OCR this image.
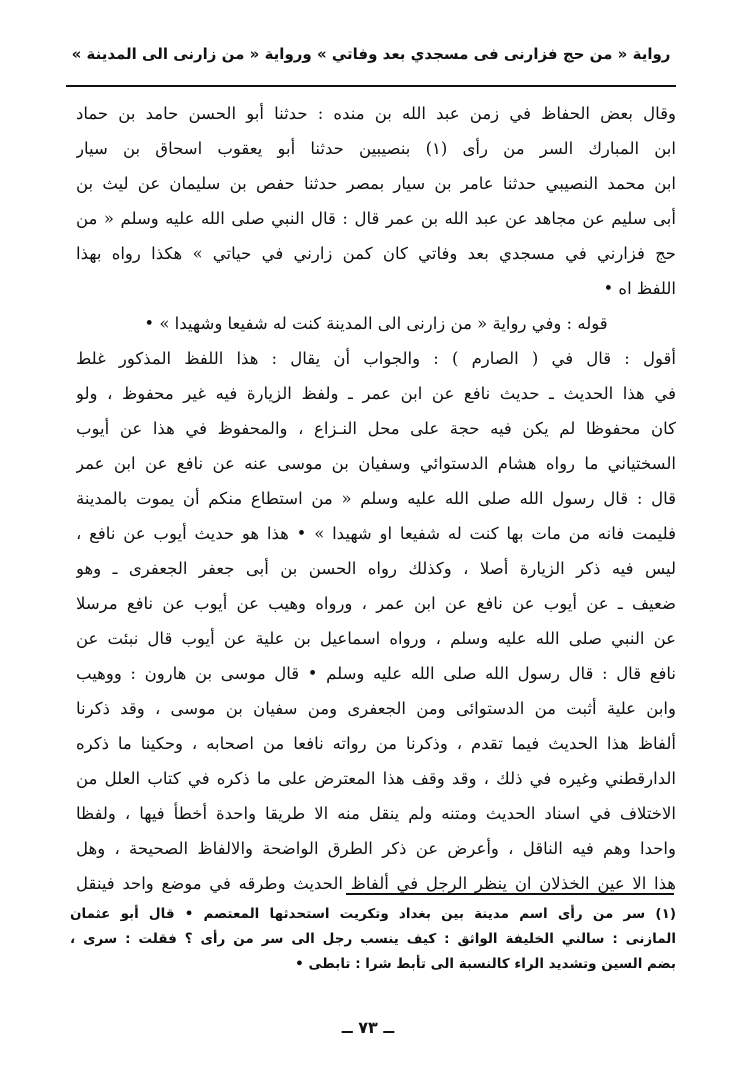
رواية « من حج فزارنى فى مسجدي بعد وفاتي » ورواية « من زارنى الى المدينة »
وقال بعض الحفاظ في زمن عبد الله بن منده : حدثنا أبو الحسن حامد بن حماد
ابن المبارك السر من رأى (١) بنصيبين حدثنا أبو يعقوب اسحاق بن سيار
ابن محمد النصيبي حدثنا عامر بن سيار بمصر حدثنا حفص بن سليمان عن ليث بن
أبى سليم عن مجاهد عن عبد الله بن عمر قال : قال النبي صلى الله عليه وسلم « من
حج فزارني في مسجدي بعد وفاتي كان كمن زارني في حياتي » هكذا رواه بهذا
اللفظ اه •
قوله : وفي رواية « من زارنى الى المدينة كنت له شفيعا وشهيدا » •
أقول : قال في ( الصارم ) : والجواب أن يقال : هذا اللفظ المذكور غلط
في هذا الحديث ـ حديث نافع عن ابن عمر ـ ولفظ الزيارة فيه غير محفوظ ، ولو
كان محفوظا لم يكن فيه حجة على محل النـزاع ، والمحفوظ في هذا عن أيوب
السختياني ما رواه هشام الدستوائي وسفيان بن موسى عنه عن نافع عن ابن عمر
قال : قال رسول الله صلى الله عليه وسلم « من استطاع منكم أن يموت بالمدينة
فليمت فانه من مات بها كنت له شفيعا او شهيدا » • هذا هو حديث أيوب عن نافع ،
ليس فيه ذكر الزيارة أصلا ، وكذلك رواه الحسن بن أبى جعفر الجعفرى ـ وهو
ضعيف ـ عن أيوب عن نافع عن ابن عمر ، ورواه وهيب عن أيوب عن نافع مرسلا
عن النبي صلى الله عليه وسلم ، ورواه اسماعيل بن علية عن أيوب قال نبئت عن
نافع قال : قال رسول الله صلى الله عليه وسلم • قال موسى بن هارون : ووهيب
وابن علية أثبت من الدستوائى ومن الجعفرى ومن سفيان بن موسى ، وقد ذكرنا
ألفاظ هذا الحديث فيما تقدم ، وذكرنا من رواته نافعا من اصحابه ، وحكينا ما ذكره
الدارقطني وغيره في ذلك ، وقد وقف هذا المعترض على ما ذكره في كتاب العلل من
الاختلاف في اسناد الحديث ومتنه ولم ينقل منه الا طريقا واحدة أخطأ فيها ، ولفظا
واحدا وهم فيه الناقل ، وأعرض عن ذكر الطرق الواضحة والالفاظ الصحيحة ، وهل
هذا الا عين الخذلان ان ينظر الرجل في ألفاظ الحديث وطرقه في موضع واحد فينقل
(١) سر من رأى اسم مدينة بين بغداد وتكريت استحدثها المعتصم • قال أبو عثمان
المازنى : سالني الخليفة الواثق : كيف ينسب رجل الى سر من رأى ؟ فقلت : سرى ،
بضم السين وتشديد الراء كالنسبة الى تأبط شرا : تابطى •
ــ ٧٣ ــ
